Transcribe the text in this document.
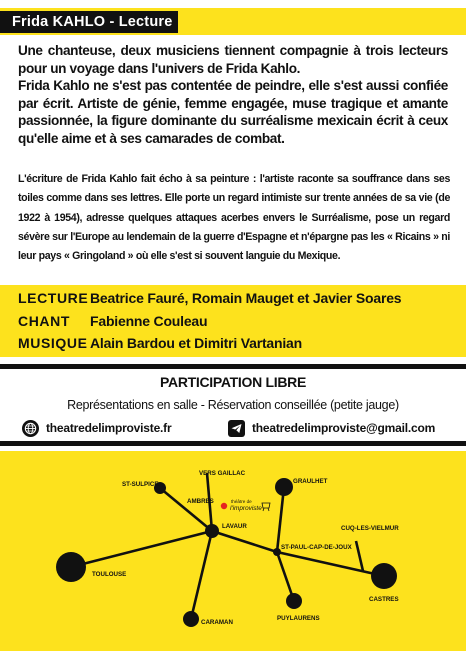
Frida KAHLO - Lecture

Une chanteuse, deux musiciens tiennent compagnie à trois lecteurs pour un voyage dans l'univers de Frida Kahlo.

Frida Kahlo ne s'est pas contentée de peindre, elle s'est aussi confiée par écrit. Artiste de génie, femme engagée, muse tragique et amante passionnée, la figure dominante du surréalisme mexicain écrit à ceux qu'elle aime et à ses camarades de combat.

L'écriture de Frida Kahlo fait écho à sa peinture : l'artiste raconte sa souffrance dans ses toiles comme dans ses lettres. Elle porte un regard intimiste sur trente années de sa vie (de 1922 à 1954), adresse quelques attaques acerbes envers le Surréalisme, pose un regard sévère sur l'Europe au lendemain de la guerre d'Espagne et n'épargne pas les « Ricains » ni leur pays « Gringoland » où elle s'est si souvent languie du Mexique.
LECTURE Beatrice Fauré, Romain Mauget et Javier Soares
CHANT Fabienne Couleau
MUSIQUE Alain Bardou et Dimitri Vartanian
PARTICIPATION LIBRE
Représentations en salle - Réservation conseillée (petite jauge)
theatredelimproviste.fr	theatredelimproviste@gmail.com
théâtre de
l'improviste
VERS GAILLAC
ST-SULPICE	GRAULHET
AMBRES
LAVAUR	CUQ-LES-VIELMUR
ST-PAUL-CAP-DE-JOUX
TOULOUSE
CASTRES
PUYLAURENS
CARAMAN
